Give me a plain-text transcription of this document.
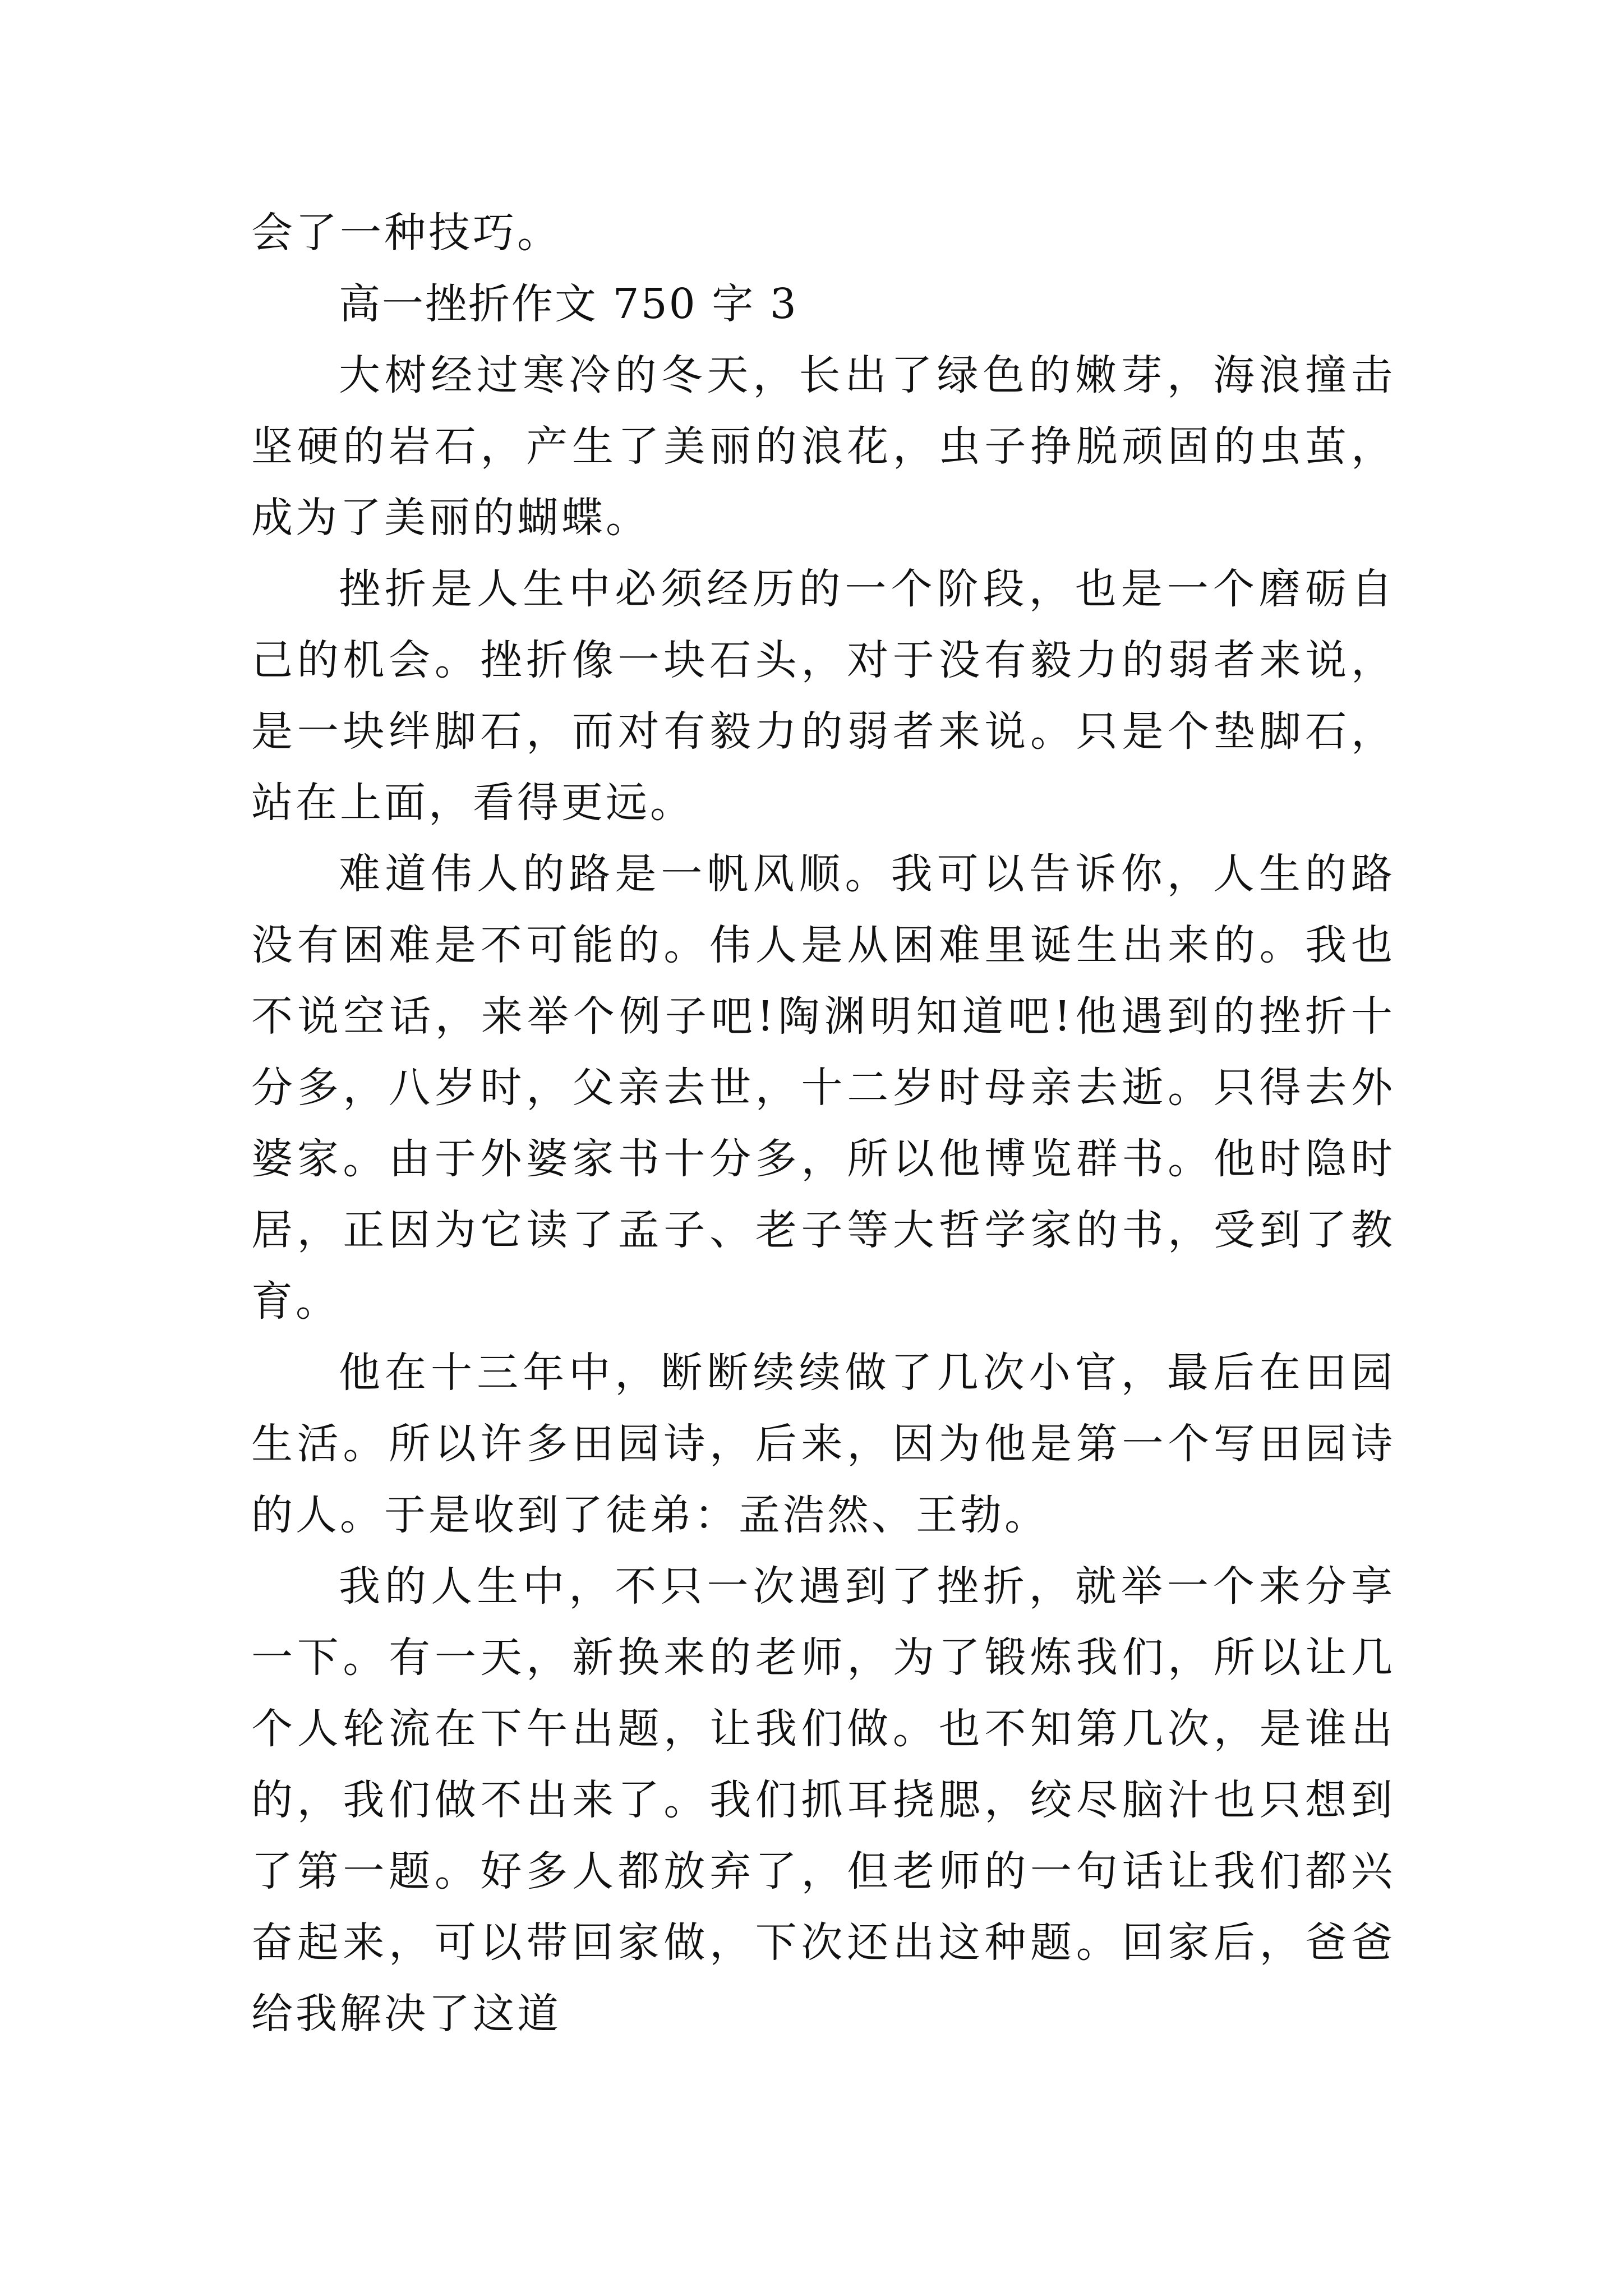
会了一种技巧。

高一挫折作文 750 字 3

大树经过寒冷的冬天，长出了绿色的嫩芽，海浪撞击坚硬的岩石，产生了美丽的浪花，虫子挣脱顽固的虫茧，成为了美丽的蝴蝶。

挫折是人生中必须经历的一个阶段，也是一个磨砺自己的机会。挫折像一块石头，对于没有毅力的弱者来说，是一块绊脚石，而对有毅力的弱者来说。只是个垫脚石，站在上面，看得更远。

难道伟人的路是一帆风顺。我可以告诉你，人生的路没有困难是不可能的。伟人是从困难里诞生出来的。我也不说空话，来举个例子吧!陶渊明知道吧!他遇到的挫折十分多，八岁时，父亲去世，十二岁时母亲去逝。只得去外婆家。由于外婆家书十分多，所以他博览群书。他时隐时居，正因为它读了孟子、老子等大哲学家的书，受到了教育。

他在十三年中，断断续续做了几次小官，最后在田园生活。所以许多田园诗，后来，因为他是第一个写田园诗的人。于是收到了徒弟：孟浩然、王勃。

我的人生中，不只一次遇到了挫折，就举一个来分享一下。有一天，新换来的老师，为了锻炼我们，所以让几个人轮流在下午出题，让我们做。也不知第几次，是谁出的，我们做不出来了。我们抓耳挠腮，绞尽脑汁也只想到了第一题。好多人都放弃了，但老师的一句话让我们都兴奋起来，可以带回家做，下次还出这种题。回家后，爸爸给我解决了这道
